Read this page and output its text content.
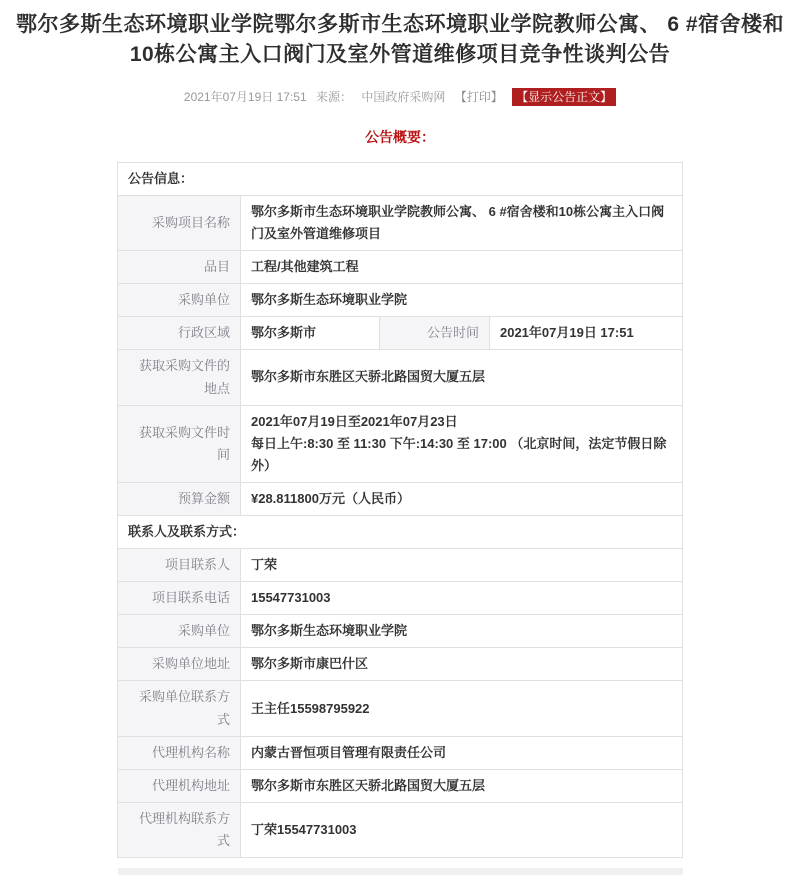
鄂尔多斯生态环境职业学院鄂尔多斯市生态环境职业学院教师公寓、 6 #宿舍楼和10栋公寓主入口阀门及室外管道维修项目竞争性谈判公告
2021年07月19日 17:51 来源： 中国政府采购网 【打印】 【显示公告正文】
公告概要：
公告信息：			
采购项目名称	鄂尔多斯市生态环境职业学院教师公寓、 6 #宿舍楼和10栋公寓主入口阀门及室外管道维修项目		
品目	工程/其他建筑工程		
采购单位	鄂尔多斯生态环境职业学院		
行政区域	鄂尔多斯市	公告时间	2021年07月19日 17:51
获取采购文件的地点	鄂尔多斯市东胜区天骄北路国贸大厦五层		
获取采购文件时间	2021年07月19日至2021年07月23日
每日上午:8:30 至 11:30 下午:14:30 至 17:00 （北京时间，法定节假日除外）		

预算金额	¥28.811800万元（人民币）		
联系人及联系方式：			
项目联系人	丁荣		
项目联系电话	15547731003		
采购单位	鄂尔多斯生态环境职业学院		
采购单位地址	鄂尔多斯市康巴什区		
采购单位联系方式	王主任15598795922		
代理机构名称	内蒙古晋恒项目管理有限责任公司		
代理机构地址	鄂尔多斯市东胜区天骄北路国贸大厦五层		
代理机构联系方式	丁荣15547731003		
